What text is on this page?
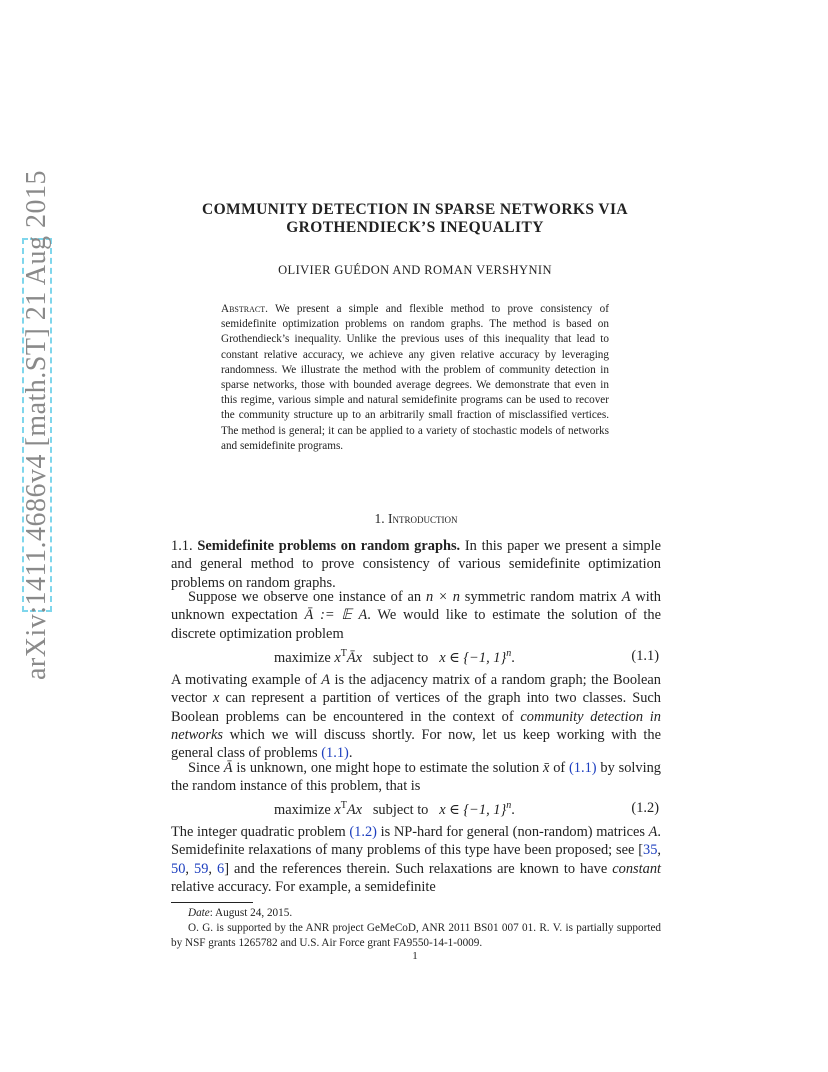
arXiv:1411.4686v4 [math.ST] 21 Aug 2015	COMMUNITY DETECTION IN SPARSE NETWORKS VIA
GROTHENDIECK’S INEQUALITY
OLIVIER GUÉDON AND ROMAN VERSHYNIN
Abstract. We present a simple and flexible method to prove consistency of semidefinite optimization problems on random graphs. The method is based on Grothendieck’s inequality. Unlike the previous uses of this inequality that lead to constant relative accuracy, we achieve any given relative accuracy by leveraging randomness. We illustrate the method with the problem of community detection in sparse networks, those with bounded average degrees. We demonstrate that even in this regime, various simple and natural semidefinite programs can be used to recover the community structure up to an arbitrarily small fraction of misclassified vertices. The method is general; it can be applied to a variety of stochastic models of networks and semidefinite programs.
1. Introduction
1.1. Semidefinite problems on random graphs. In this paper we present a simple and general method to prove consistency of various semidefinite optimization problems on random graphs.
Suppose we observe one instance of an n × n symmetric random matrix A with unknown expectation Ā := 𝔼 A. We would like to estimate the solution of the discrete optimization problem
maximize $x^TĀx$ subject to x ∈ {−1, 1}$^n$.	(1.1)
A motivating example of A is the adjacency matrix of a random graph; the Boolean vector x can represent a partition of vertices of the graph into two classes. Such Boolean problems can be encountered in the context of community detection in networks which we will discuss shortly. For now, let us keep working with the general class of problems (1.1).
Since Ā is unknown, one might hope to estimate the solution x̄ of (1.1) by solving the random instance of this problem, that is
maximize $x^TAx$ subject to x ∈ {−1, 1}$^n$.	(1.2)
The integer quadratic problem (1.2) is NP-hard for general (non-random) matrices A. Semidefinite relaxations of many problems of this type have been proposed; see [35, 50, 59, 6] and the references therein. Such relaxations are known to have constant relative accuracy. For example, a semidefinite
Date: August 24, 2015.
O. G. is supported by the ANR project GeMeCoD, ANR 2011 BS01 007 01. R. V. is partially supported by NSF grants 1265782 and U.S. Air Force grant FA9550-14-1-0009.
1
